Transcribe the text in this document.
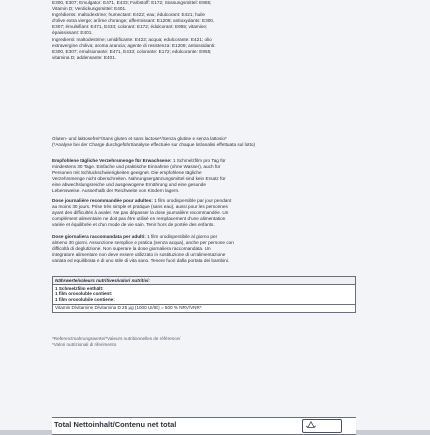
E300, E307; Emulgator: E471, E433; Farbstoff: E172; Süssungsmittel: E955;

Vitamin D; Verdickungsmittel: E401.

Ingrédients: maltodextrine; humectant: E422; eau; édulcorant: E421; huile

d'olive extra vierge; arôme d'orange; affermissant: E1208; antioxydants: E300,

E307; émulsifiant: E471, E433; colorant: E172; édulcorant: E955; vitamine;

épaississant: E401.

Ingredienti: maltodestrine; umidificante: E422; acqua; edulcorante: E421; olio

extravergine d'oliva; aroma arancia; agente di resistenza: E1208; antiossidanti:

E300, E307; emulsionante: E471, E433; colorante: E172; edulcorante: E955;

vitamina D; addensante: E401.

Gluten- und laktosefrei*/Sans gluten et sans lactose*/Senza glutine e senza lattosio*

(*Analyse bei der Charge durchgeführt/analyse effectuée sur chaque lot/analisi effettuata sul lotto)

Empfohlene tägliche Verzehrsmenge für Erwachsene: 1 Schmelzfilm pro Tag für

mindestens 30 Tage. Einfache und praktische Einnahme (ohne Wasser), auch für

Personen mit Schluckschwierigkeiten geeignet. Die empfohlene tägliche

Verzehrsmenge nicht überschreiten. Nahrungsergänzungsmittel sind kein Ersatz für

eine abwechslungsreiche und ausgewogene Ernährung und eine gesunde

Lebensweise. Ausserhalb der Reichweite von Kindern lagern.

Dose journalière recommandée pour adultes: 1 film orodispersible par jour pendant

au moins 30 jours. Prise très simple et pratique (sans eau), aussi pour les personnes

ayant des difficultés à avaler. Ne pas dépasser la dose journalière recommandée. Un

complément alimentaire ne doit pas être utilisé en remplacement d'une alimentation

variée et équilibrée et d'un mode de vie sain. Tenir hors de portée des enfants.

Dose giornaliera raccomandata per adulti: 1 film orodispersibile al giorno per

almeno 30 giorni. Assunzione semplice e pratica (senza acqua), anche per persone con

difficoltà di deglutizione. Non superare la dose giornaliera raccomandata. Un

integratore alimentare non deve essere utilizzato in sostituzione di un'alimentazione

variata ed equilibrata e di uno stile di vita sano. Tenere fuori dalla portata dei bambini.

Nährwerte/valeurs nutritives/valori nutritivi:

1 Schmelzfilm enthält:
1 film orosoluble contient:
1 film orosolubile contiene:

Vitamin D/vitamine D/vitamina D 25 µg (1000 UI/IE) = 500 % NRV/VNR*
*Referenzmahrungswerte/*Valeurs nutritionnelles de référence/
*Valori nutrizionali di riferimento
Total Nettoinhalt/Contenu net total
